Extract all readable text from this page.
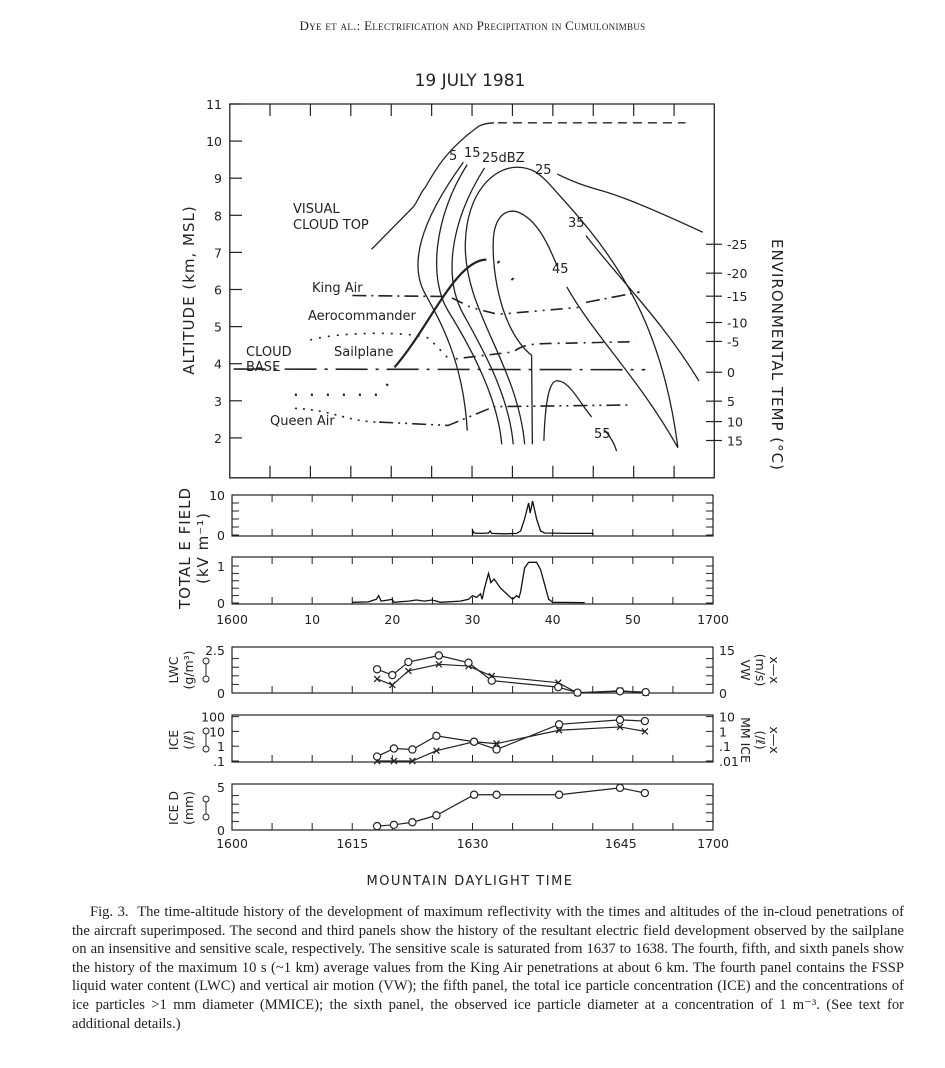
Dye et al.: Electrification and Precipitation in Cumulonimbus
19 JULY 1981
VISUAL
CLOUD TOP
King Air
Aerocommander
CLOUD
BASE
Sailplane
Queen Air
5 15 25dBZ
25
35
45
55
ALTITUDE (km, MSL)	ENVIRONMENTAL TEMP (°C)
2
3
4
5
6
7
8
9
10
11
-25
-20
-15
-10
-5
0
5
10
15
TOTAL E FIELD (kV m⁻¹)
10
0
1
0
1600	10	20	30	40	50	1700
2.5
0
15
0
LWC (g/m³)	VW (m/s) x—x
.1	.01
1	.1
10	1
100	10
ICE (/ℓ)	MM ICE (/ℓ) x—x
5
0
ICE D (mm)
1600	1615	1630	1645	1700
MOUNTAIN DAYLIGHT TIME
Fig. 3. The time-altitude history of the development of maximum reflectivity with the times and altitudes of the in-cloud penetrations of the aircraft superimposed. The second and third panels show the history of the resultant electric field development observed by the sailplane on an insensitive and sensitive scale, respectively. The sensitive scale is saturated from 1637 to 1638. The fourth, fifth, and sixth panels show the history of the maximum 10 s (~1 km) average values from the King Air penetrations at about 6 km. The fourth panel contains the FSSP liquid water content (LWC) and vertical air motion (VW); the fifth panel, the total ice particle concentration (ICE) and the concentrations of ice particles >1 mm diameter (MMICE); the sixth panel, the observed ice particle diameter at a concentration of 1 m⁻³. (See text for additional details.)
